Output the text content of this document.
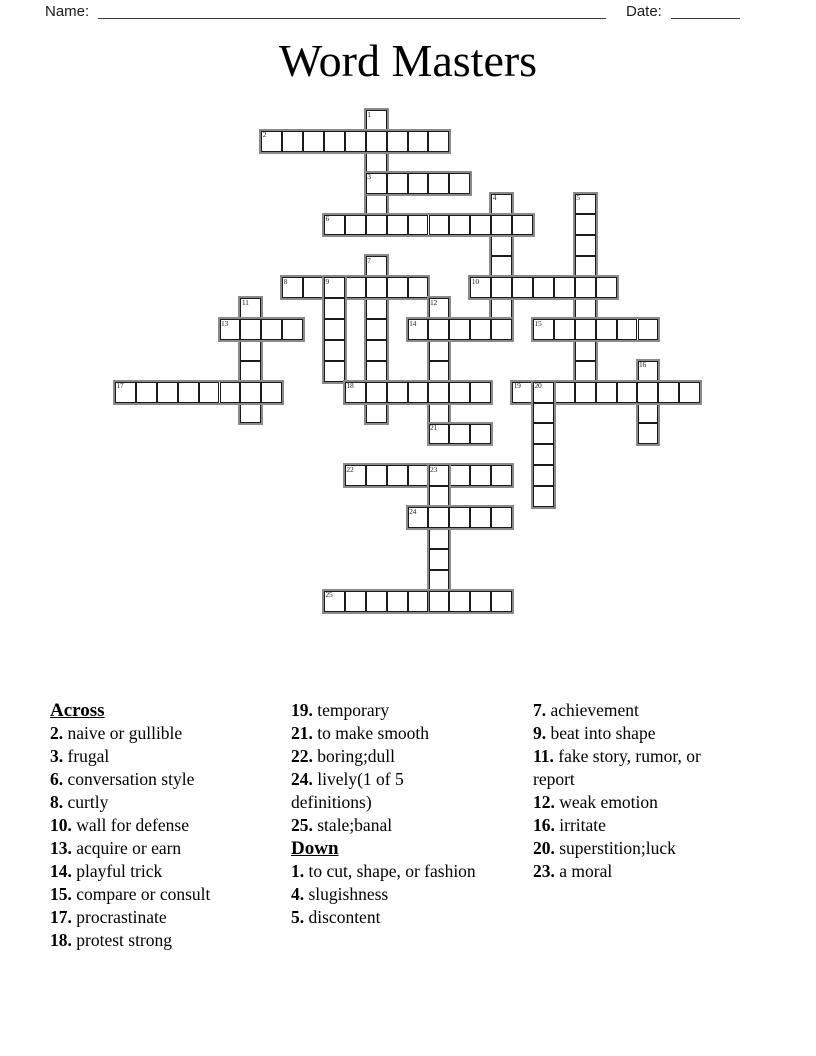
Name:	Date:
Word Masters
1
2
3
4	5
6
7
8	9	10
11	12
13	14	15
16
17	18	19 20
21
22	23
24
25
Across

2. naive or gullible

3. frugal

6. conversation style

8. curtly

10. wall for defense

13. acquire or earn

14. playful trick

15. compare or consult

17. procrastinate

18. protest strong

19. temporary

21. to make smooth

22. boring;dull

24. lively(1 of 5 definitions)

25. stale;banal

Down

1. to cut, shape, or fashion

4. slugishness

5. discontent

7. achievement

9. beat into shape

11. fake story, rumor, or report

12. weak emotion

16. irritate

20. superstition;luck

23. a moral
